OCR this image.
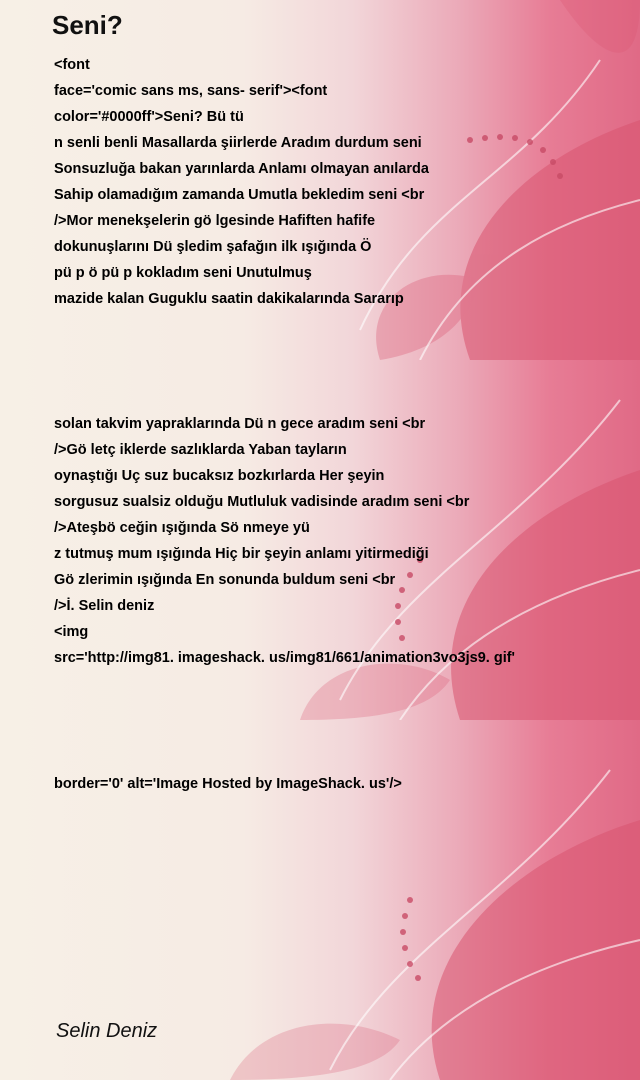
Seni?
<font
face='comic sans ms, sans- serif'><font
color='#0000ff'>Seni? Bü tü
n senli benli Masallarda şiirlerde Aradım durdum seni
Sonsuzluğa bakan yarınlarda Anlamı olmayan anılarda
Sahip olamadığım zamanda Umutla bekledim seni <br
/>Mor menekşelerin gö lgesinde Hafiften hafife
dokunuşlarını Dü şledim şafağın ilk ışığında Ö
pü p ö pü p kokladım seni Unutulmuş
mazide kalan Guguklu saatin dakikalarında Sararıp
solan takvim yapraklarında Dü n gece aradım seni <br
/>Gö letç iklerde sazlıklarda Yaban tayların
oynaştığı Uç suz bucaksız bozkırlarda Her şeyin
sorgusuz sualsiz olduğu Mutluluk vadisinde aradım seni <br
/>Ateşbö ceğin ışığında Sö nmeye yü
z tutmuş mum ışığında Hiç bir şeyin anlamı yitirmediği
Gö zlerimin ışığında En sonunda buldum seni <br
/>İ. Selin deniz
<img
src='http://img81. imageshack. us/img81/661/animation3vo3js9. gif'
border='0' alt='Image Hosted by ImageShack. us'/>
Selin Deniz
